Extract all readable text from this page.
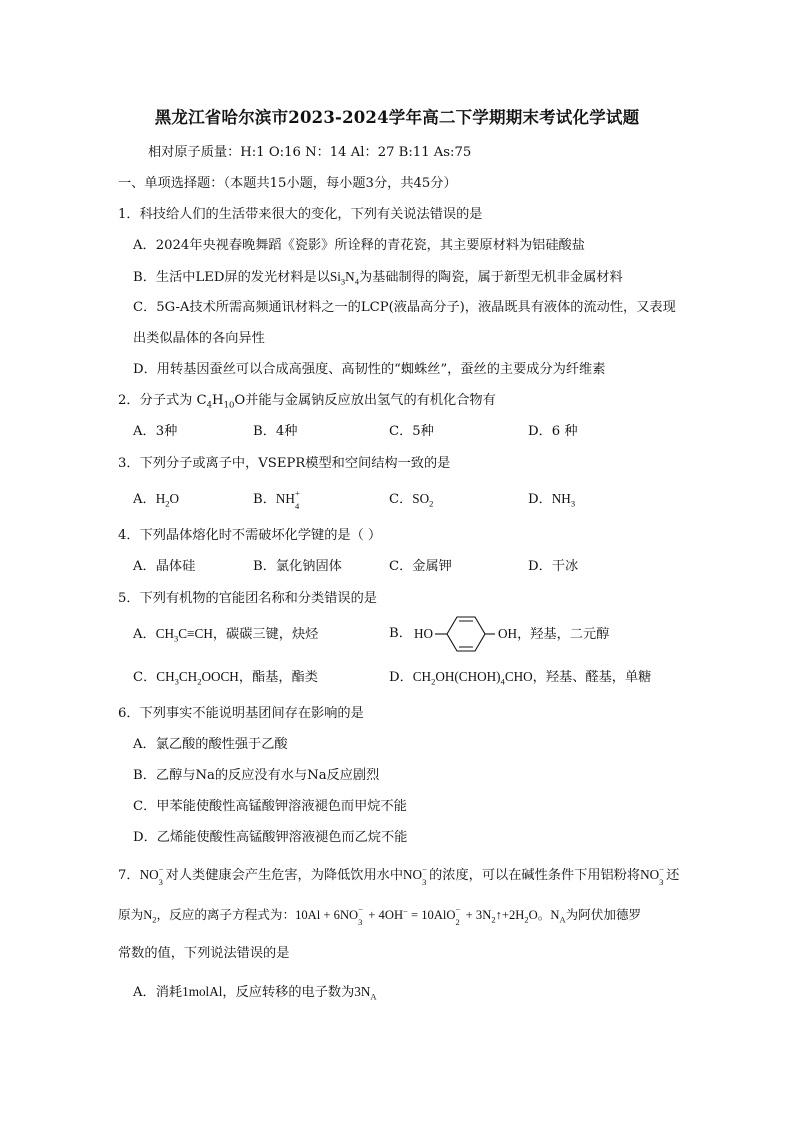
黑龙江省哈尔滨市2023-2024学年高二下学期期末考试化学试题
相对原子质量：H:1 O:16 N：14 Al：27 B:11 As:75
一、单项选择题：（本题共15小题，每小题3分，共45分）
1．科技给人们的生活带来很大的变化，下列有关说法错误的是
A．2024年央视春晚舞蹈《瓷影》所诠释的青花瓷，其主要原材料为铝硅酸盐
B．生活中LED屏的发光材料是以$Si_3N_4$为基础制得的陶瓷，属于新型无机非金属材料
C．5G-A技术所需高频通讯材料之一的LCP(液晶高分子)，液晶既具有液体的流动性，又表现
出类似晶体的各向异性
D．用转基因蚕丝可以合成高强度、高韧性的“蜘蛛丝”，蚕丝的主要成分为纤维素
2．分子式为 $C_4H_{10}O$并能与金属钠反应放出氢气的有机化合物有
A．3种	B．4种	C．5种	D．6 种
3．下列分子或离子中，VSEPR模型和空间结构一致的是
A．$H_2O$	B．NH +
4	C．$SO_2$	D．$NH_3$
4．下列晶体熔化时不需破坏化学键的是（ ）
A．晶体硅	B．氯化钠固体	C．金属钾	D．干冰
5．下列有机物的官能团名称和分类错误的是
A．$CH_3C\equiv CH$，碳碳三键，炔烃	B． HO	OH，羟基，二元醇
C．$CH_3CH_2OOCH$，酯基，酯类	D．$CH_2OH(CHOH)_4CHO$，羟基、醛基，单糖
6．下列事实不能说明基团间存在影响的是
A．氯乙酸的酸性强于乙酸
B．乙醇与Na的反应没有水与Na反应剧烈
C．甲苯能使酸性高锰酸钾溶液褪色而甲烷不能
D．乙烯能使酸性高锰酸钾溶液褪色而乙烷不能
7．NO −
3 对人类健康会产生危害，为降低饮用水中NO −
3 的浓度，可以在碱性条件下用铝粉将NO −
3 还
原为$N_2$，反应的离子方程式为：10Al + 6NO −
3 + 4OH− = 10AlO −
$2 + 3N_2↑+2H_2O$。$N_A$为阿伏加德罗
常数的值，下列说法错误的是
A．消耗1molAl，反应转移的电子数为$3N_A$
